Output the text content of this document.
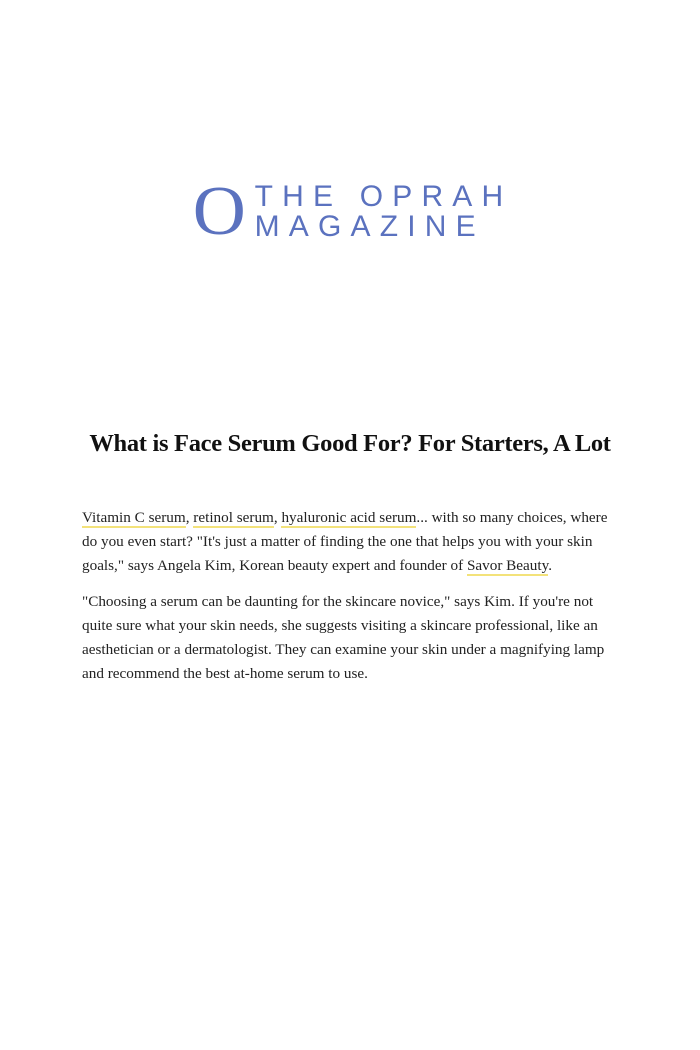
O THE OPRAH
MAGAZINE
What is Face Serum Good For? For Starters, A Lot

Vitamin C serum, retinol serum, hyaluronic acid serum... with so many choices, where do you even start? "It's just a matter of finding the one that helps you with your skin goals," says Angela Kim, Korean beauty expert and founder of Savor Beauty.

"Choosing a serum can be daunting for the skincare novice," says Kim. If you're not quite sure what your skin needs, she suggests visiting a skincare professional, like an aesthetician or a dermatologist. They can examine your skin under a magnifying lamp and recommend the best at-home serum to use.
